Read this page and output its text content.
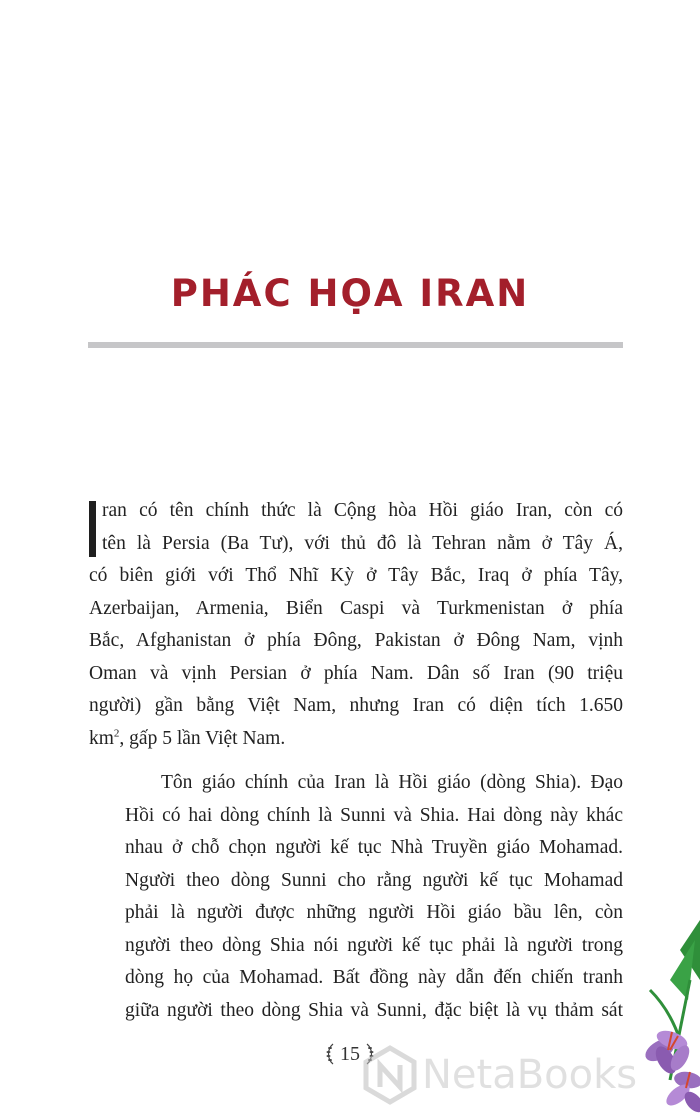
PHÁC HỌA IRAN

ran có tên chính thức là Cộng hòa Hồi giáo Iran, còn có
tên là Persia (Ba Tư), với thủ đô là Tehran nằm ở Tây Á,
có biên giới với Thổ Nhĩ Kỳ ở Tây Bắc, Iraq ở phía Tây,
Azerbaijan, Armenia, Biển Caspi và Turkmenistan ở phía
Bắc, Afghanistan ở phía Đông, Pakistan ở Đông Nam, vịnh
Oman và vịnh Persian ở phía Nam. Dân số Iran (90 triệu
người) gần bằng Việt Nam, nhưng Iran có diện tích 1.650
$km^2$, gấp 5 lần Việt Nam.

Tôn giáo chính của Iran là Hồi giáo (dòng Shia). Đạo
Hồi có hai dòng chính là Sunni và Shia. Hai dòng này khác
nhau ở chỗ chọn người kế tục Nhà Truyền giáo Mohamad.
Người theo dòng Sunni cho rằng người kế tục Mohamad
phải là người được những người Hồi giáo bầu lên, còn
người theo dòng Shia nói người kế tục phải là người trong
dòng họ của Mohamad. Bất đồng này dẫn đến chiến tranh
giữa người theo dòng Shia và Sunni, đặc biệt là vụ thảm sát

15 NetaBooks
